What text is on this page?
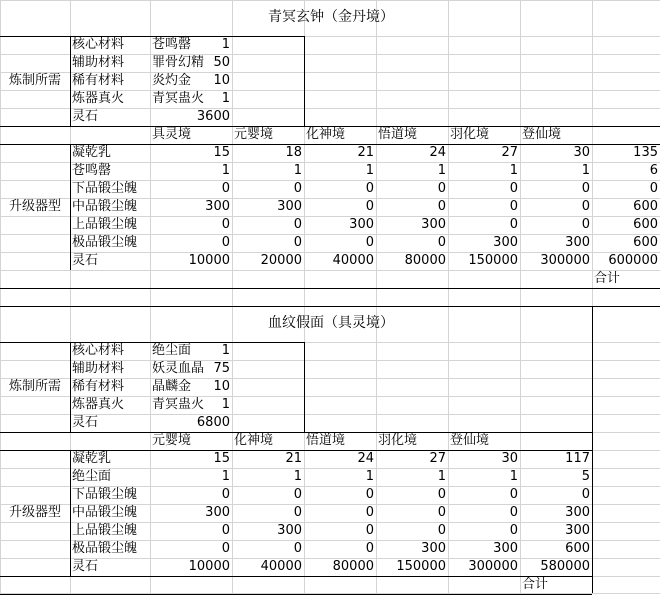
青冥玄钟（金丹境）
炼制所需
核心材料	苍鸣罄	1
辅助材料	罪骨幻精 50
稀有材料	炎灼金	10
炼器真火	青冥蛊火	1
灵石	3600
具灵境	元婴境	化神境	悟道境	羽化境	登仙境
升级器型
凝乾乳	15	18	21	24	27	30	135
苍鸣罄	1	1	1	1	1	1	6
下品锻尘魄	0	0	0	0	0	0	0
中品锻尘魄	300	300	0	0	0	0	600
上品锻尘魄	0	0	300	300	0	0	600
极品锻尘魄	0	0	0	0	300	300	600
灵石	10000	20000	40000	80000	150000	300000	600000
合计
血纹假面（具灵境）
炼制所需
核心材料	绝尘面	1
辅助材料	妖灵血晶 75
稀有材料	晶麟金	10
炼器真火	青冥蛊火	1
灵石	6800
元婴境	化神境	悟道境	羽化境	登仙境
升级器型
凝乾乳	15	21	24	27	30	117
绝尘面	1	1	1	1	1	5
下品锻尘魄	0	0	0	0	0	0
中品锻尘魄	300	0	0	0	0	300
上品锻尘魄	0	300	0	0	0	300
极品锻尘魄	0	0	0	300	300	600
灵石	10000	40000	80000	150000	300000	580000
合计
